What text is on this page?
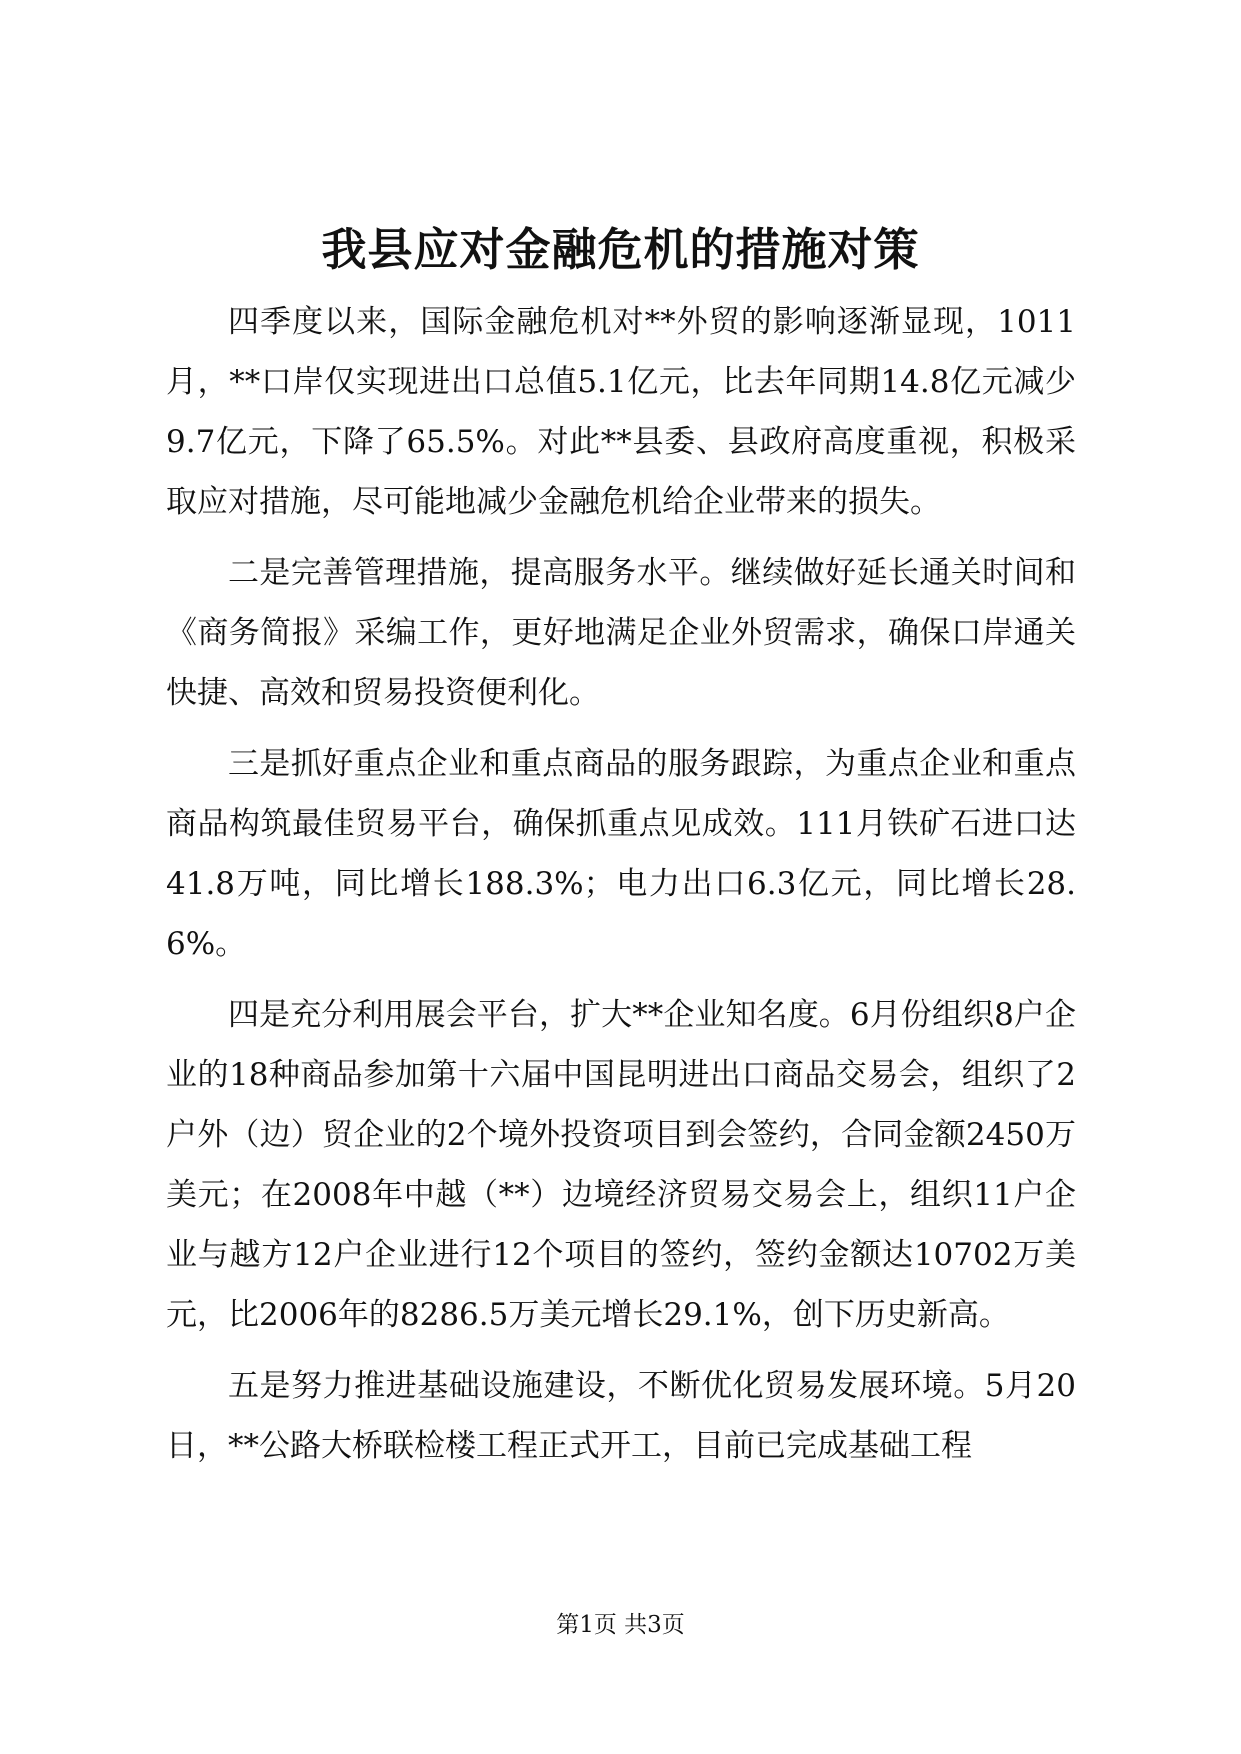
我县应对金融危机的措施对策

四季度以来，国际金融危机对**外贸的影响逐渐显现，1011月，**口岸仅实现进出口总值5.1亿元，比去年同期14.8亿元减少9.7亿元，下降了65.5%。对此**县委、县政府高度重视，积极采取应对措施，尽可能地减少金融危机给企业带来的损失。

二是完善管理措施，提高服务水平。继续做好延长通关时间和《商务简报》采编工作，更好地满足企业外贸需求，确保口岸通关快捷、高效和贸易投资便利化。

三是抓好重点企业和重点商品的服务跟踪，为重点企业和重点商品构筑最佳贸易平台，确保抓重点见成效。111月铁矿石进口达41.8万吨，同比增长188.3%；电力出口6.3亿元，同比增长28.6%。

四是充分利用展会平台，扩大**企业知名度。6月份组织8户企业的18种商品参加第十六届中国昆明进出口商品交易会，组织了2户外（边）贸企业的2个境外投资项目到会签约，合同金额2450万美元；在2008年中越（**）边境经济贸易交易会上，组织11户企业与越方12户企业进行12个项目的签约，签约金额达10702万美元，比2006年的8286.5万美元增长29.1%，创下历史新高。

五是努力推进基础设施建设，不断优化贸易发展环境。5月20日，**公路大桥联检楼工程正式开工，目前已完成基础工程

第1页 共3页
